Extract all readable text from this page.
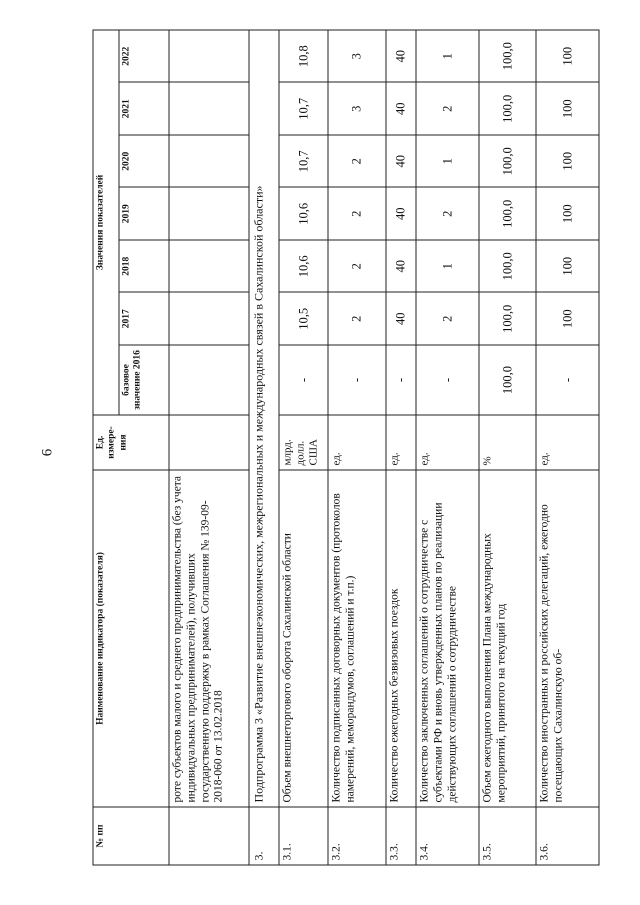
6
№ пп	Наименование индикатора (показателя)	Ед. измере-ния	Значения показателей						
			базовое значение 2016	2017	2018	2019	2020	2021	2022
	роте субъектов малого и среднего предпринимательства (без учета индивидуальных предпринимателей), получивших государственную поддержку в рамках Соглашения № 139-09-2018-060 от 13.02.2018								
3.	Подпрограмма 3 «Развитие внешнеэкономических, межрегиональных и международных связей в Сахалинской области»								
3.1.	Объем внешнеторгового оборота Сахалинской области	млрд. долл. США	-	10,5	10,6	10,6	10,7	10,7	10,8
3.2.	Количество подписанных договорных документов (протоколов намерений, меморандумов, соглашений и т.п.)	ед.	-	2	2	2	2	3	3
3.3.	Количество ежегодных безвизовых поездок	ед.	-	40	40	40	40	40	40
3.4.	Количество заключенных соглашений о сотрудничестве с субъектами РФ и вновь утвержденных планов по реализации действующих соглашений о сотрудничестве	ед.	-	2	1	2	1	2	1
3.5.	Объем ежегодного выполнения Плана международных мероприятий, принятого на текущий год	%	100,0	100,0	100,0	100,0	100,0	100,0	100,0
3.6.	Количество иностранных и российских делегаций, ежегодно посещающих Сахалинскую об-	ед.	-	100	100	100	100	100	100
